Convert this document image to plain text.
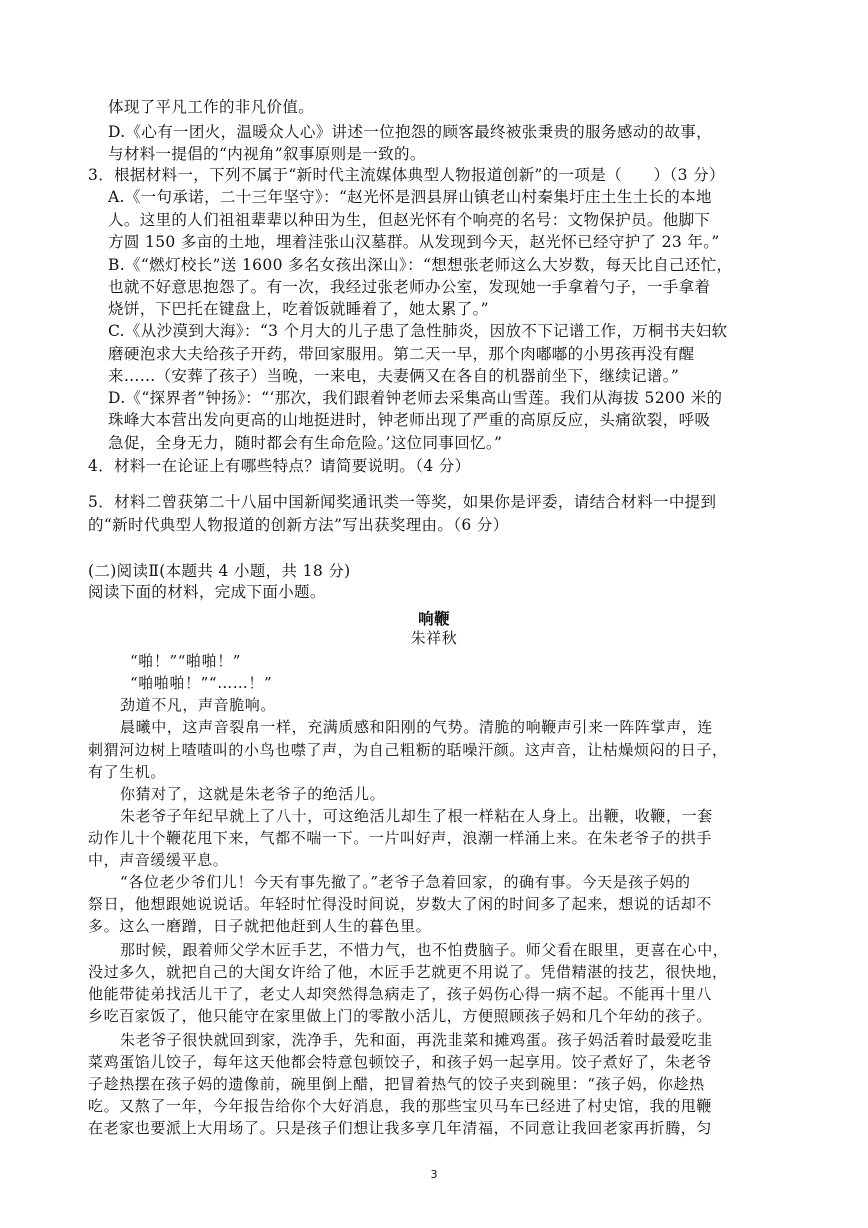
体现了平凡工作的非凡价值。
D.《心有一团火，温暖众人心》讲述一位抱怨的顾客最终被张秉贵的服务感动的故事，
与材料一提倡的“内视角”叙事原则是一致的。
3．根据材料一，下列不属于“新时代主流媒体典型人物报道创新”的一项是（　　）（3 分）
A.《一句承诺，二十三年坚守》：“赵光怀是泗县屏山镇老山村秦集圩庄土生土长的本地
人。这里的人们祖祖辈辈以种田为生，但赵光怀有个响亮的名号：文物保护员。他脚下
方圆 150 多亩的土地，埋着洼张山汉墓群。从发现到今天，赵光怀已经守护了 23 年。”
B.《“燃灯校长”送 1600 多名女孩出深山》：“想想张老师这么大岁数，每天比自己还忙，
也就不好意思抱怨了。有一次，我经过张老师办公室，发现她一手拿着勺子，一手拿着
烧饼，下巴托在键盘上，吃着饭就睡着了，她太累了。”
C.《从沙漠到大海》：“3 个月大的儿子患了急性肺炎，因放不下记谱工作，万桐书夫妇软
磨硬泡求大夫给孩子开药，带回家服用。第二天一早，那个肉嘟嘟的小男孩再没有醒
来……（安葬了孩子）当晚，一来电，夫妻俩又在各自的机器前坐下，继续记谱。”
D.《“探界者”钟扬》：“‘那次，我们跟着钟老师去采集高山雪莲。我们从海拔 5200 米的
珠峰大本营出发向更高的山地挺进时，钟老师出现了严重的高原反应，头痛欲裂，呼吸
急促，全身无力，随时都会有生命危险。’这位同事回忆。”
4．材料一在论证上有哪些特点？请简要说明。（4 分）
5．材料二曾获第二十八届中国新闻奖通讯类一等奖，如果你是评委，请结合材料一中提到
的“新时代典型人物报道的创新方法”写出获奖理由。（6 分）
(二)阅读Ⅱ(本题共 4 小题，共 18 分)
阅读下面的材料，完成下面小题。
响鞭
朱祥秋
“啪！”“啪啪！”
“啪啪啪！”“……！”
劲道不凡，声音脆响。
晨曦中，这声音裂帛一样，充满质感和阳刚的气势。清脆的响鞭声引来一阵阵掌声，连
刺猬河边树上喳喳叫的小鸟也噤了声，为自己粗粝的聒噪汗颜。这声音，让枯燥烦闷的日子，
有了生机。
你猜对了，这就是朱老爷子的绝活儿。
朱老爷子年纪早就上了八十，可这绝活儿却生了根一样粘在人身上。出鞭，收鞭，一套
动作儿十个鞭花甩下来，气都不喘一下。一片叫好声，浪潮一样涌上来。在朱老爷子的拱手
中，声音缓缓平息。
“各位老少爷们儿！今天有事先撤了。”老爷子急着回家，的确有事。今天是孩子妈的
祭日，他想跟她说说话。年轻时忙得没时间说，岁数大了闲的时间多了起来，想说的话却不
多。这么一磨蹭，日子就把他赶到人生的暮色里。
那时候，跟着师父学木匠手艺，不惜力气，也不怕费脑子。师父看在眼里，更喜在心中，
没过多久，就把自己的大闺女许给了他，木匠手艺就更不用说了。凭借精湛的技艺，很快地，
他能带徒弟找活儿干了，老丈人却突然得急病走了，孩子妈伤心得一病不起。不能再十里八
乡吃百家饭了，他只能守在家里做上门的零散小活儿，方便照顾孩子妈和几个年幼的孩子。
朱老爷子很快就回到家，洗净手，先和面，再洗韭菜和摊鸡蛋。孩子妈活着时最爱吃韭
菜鸡蛋馅儿饺子，每年这天他都会特意包顿饺子，和孩子妈一起享用。饺子煮好了，朱老爷
子趁热摆在孩子妈的遗像前，碗里倒上醋，把冒着热气的饺子夹到碗里：“孩子妈，你趁热
吃。又熬了一年，今年报告给你个大好消息，我的那些宝贝马车已经进了村史馆，我的甩鞭
在老家也要派上大用场了。只是孩子们想让我多享几年清福，不同意让我回老家再折腾，匀
3
